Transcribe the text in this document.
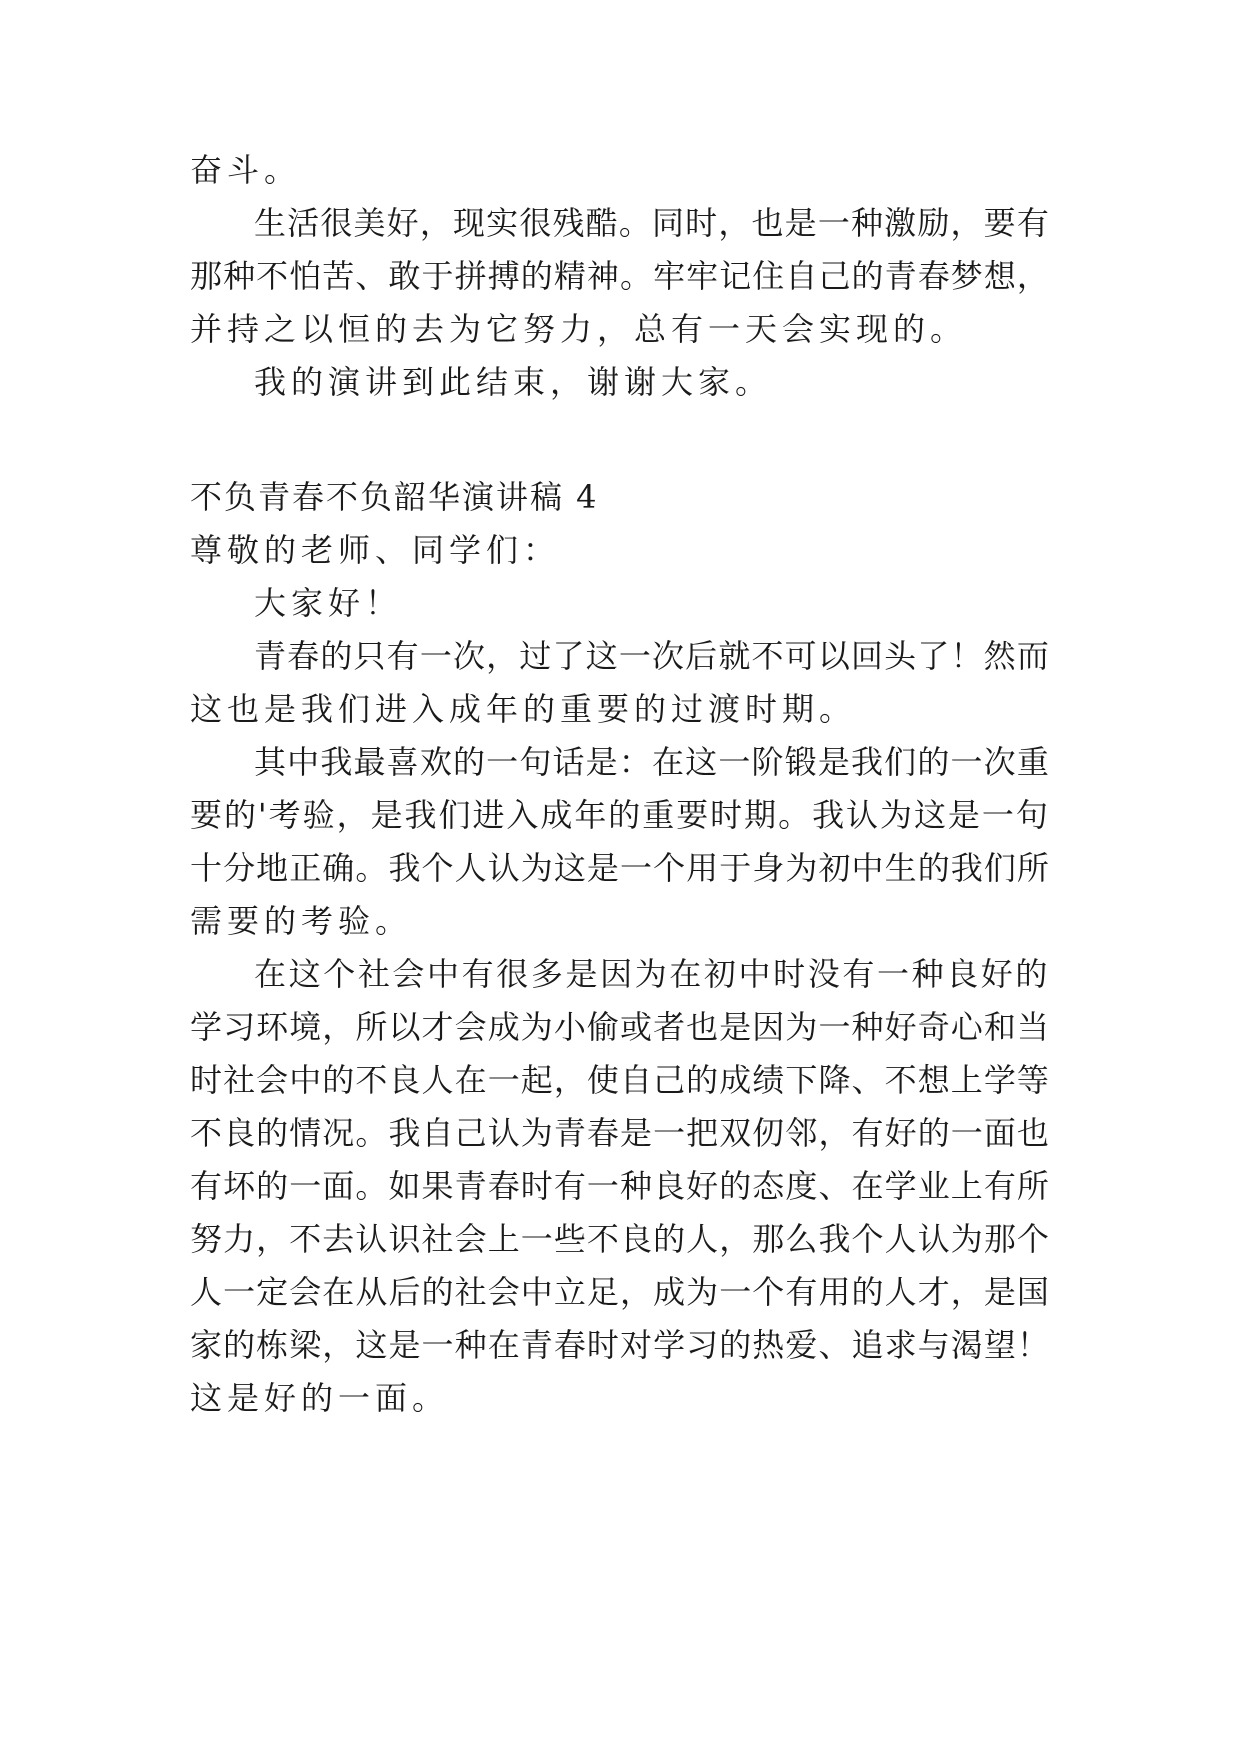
奋斗。
生活很美好，现实很残酷。同时，也是一种激励，要有
那种不怕苦、敢于拼搏的精神。牢牢记住自己的青春梦想，
并持之以恒的去为它努力，总有一天会实现的。
我的演讲到此结束，谢谢大家。
不负青春不负韶华演讲稿 4
尊敬的老师、同学们：
大家好！
青春的只有一次，过了这一次后就不可以回头了！然而
这也是我们进入成年的重要的过渡时期。
其中我最喜欢的一句话是：在这一阶锻是我们的一次重
要的'考验，是我们进入成年的重要时期。我认为这是一句
十分地正确。我个人认为这是一个用于身为初中生的我们所
需要的考验。
在这个社会中有很多是因为在初中时没有一种良好的
学习环境，所以才会成为小偷或者也是因为一种好奇心和当
时社会中的不良人在一起，使自己的成绩下降、不想上学等
不良的情况。我自己认为青春是一把双仞邻，有好的一面也
有坏的一面。如果青春时有一种良好的态度、在学业上有所
努力，不去认识社会上一些不良的人，那么我个人认为那个
人一定会在从后的社会中立足，成为一个有用的人才，是国
家的栋梁，这是一种在青春时对学习的热爱、追求与渴望！
这是好的一面。
